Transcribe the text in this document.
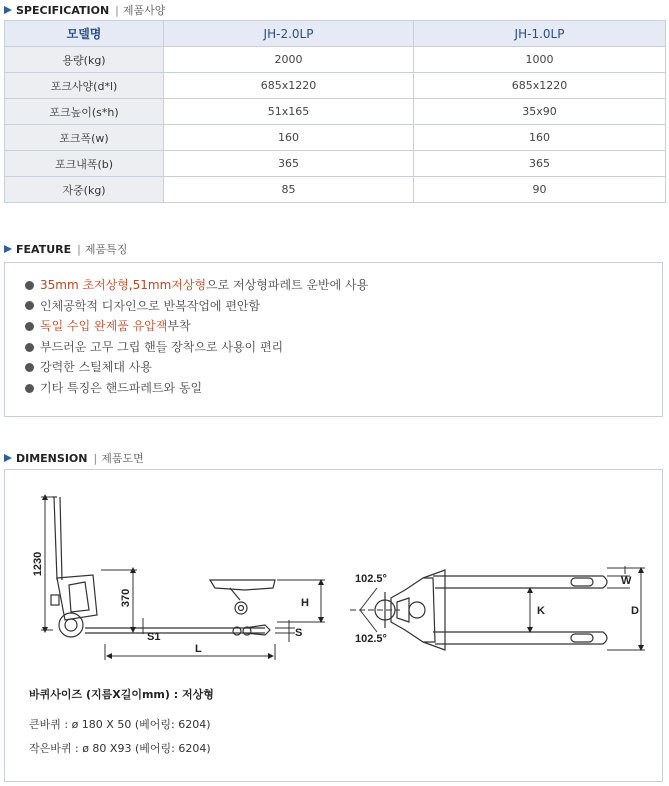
SPECIFICATION | 제품사양
모델명	JH-2.0LP	JH-1.0LP
용량(kg)	2000	1000
포크사양(d*l)	685x1220	685x1220
포크높이(s*h)	51x165	35x90
포크폭(w)	160	160
포크내폭(b)	365	365
자중(kg)	85	90
FEATURE | 제품특징
35mm 초저상형,51mm저상형 으로 저상형파레트 운반에 사용
인체공학적 디자인으로 반복작업에 편안함
독일 수입 완제품 유압잭 부착
부드러운 고무 그립 핸들 장착으로 사용이 편리
강력한 스틸체대 사용
기타 특징은 핸드파레트와 동일
DIMENSION | 제품도면
1230
370
S1
L
H
S
102.5°
102.5°
K
W
D
바퀴사이즈 (지름X길이mm) : 저상형
큰바퀴 : ø 180 X 50 (베어링: 6204)
작은바퀴 : ø 80 X93 (베어링: 6204)
